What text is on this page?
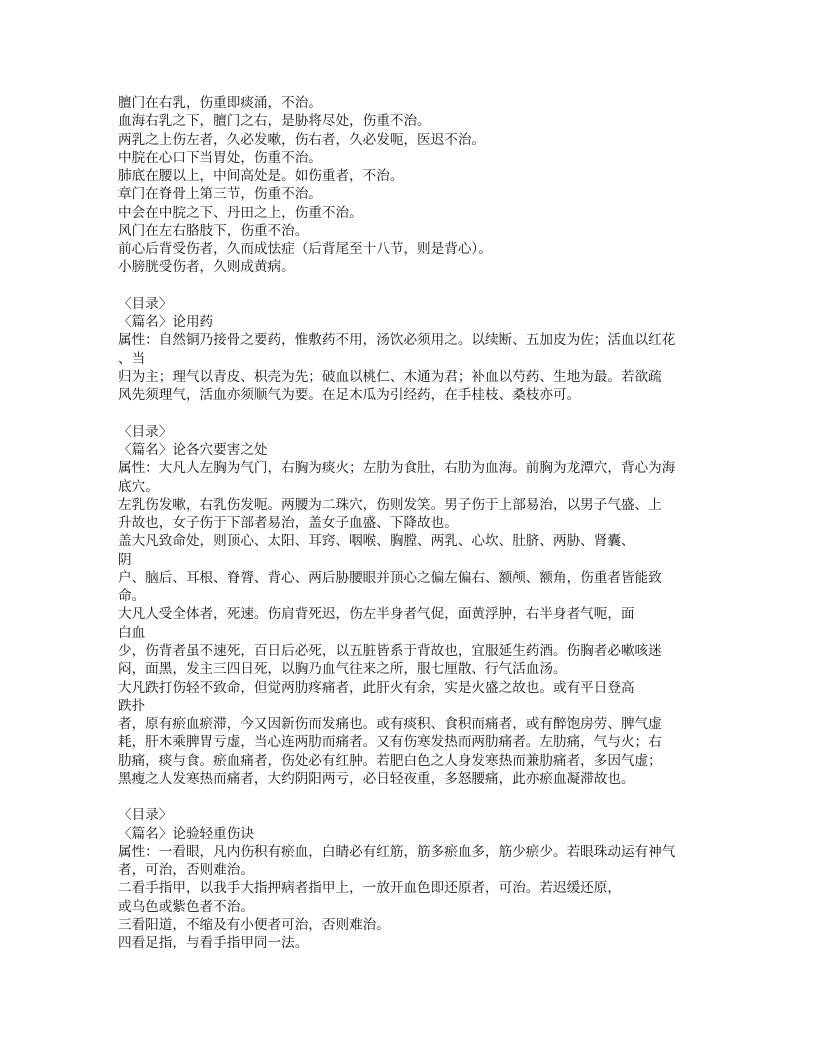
膻门在右乳，伤重即痰涌，不治。
血海右乳之下，膻门之右，是胁将尽处，伤重不治。
两乳之上伤左者，久必发嗽，伤右者，久必发呃，医迟不治。
中脘在心口下当胃处，伤重不治。
肺底在腰以上，中间高处是。如伤重者，不治。
章门在脊骨上第三节，伤重不治。
中会在中脘之下、丹田之上，伤重不治。
风门在左右胳肢下，伤重不治。
前心后背受伤者，久而成怯症（后背尾至十八节，则是背心）。
小膀胱受伤者，久则成黄病。
〈目录〉
〈篇名〉论用药
属性：自然铜乃接骨之要药，惟敷药不用，汤饮必须用之。以续断、五加皮为佐；活血以红花
、当
归为主；理气以青皮、枳壳为先；破血以桃仁、木通为君；补血以芍药、生地为最。若欲疏
风先须理气，活血亦须顺气为要。在足木瓜为引经药，在手桂枝、桑枝亦可。
〈目录〉
〈篇名〉论各穴要害之处
属性：大凡人左胸为气门，右胸为痰火；左肋为食肚，右肋为血海。前胸为龙潭穴，背心为海
底穴。
左乳伤发嗽，右乳伤发呃。两腰为二珠穴，伤则发笑。男子伤于上部易治，以男子气盛、上
升故也，女子伤于下部者易治，盖女子血盛、下降故也。
盖大凡致命处，则顶心、太阳、耳窍、咽喉、胸膛、两乳、心坎、肚脐、两胁、肾囊、
阴
户、脑后、耳根、脊膂、背心、两后胁腰眼并顶心之偏左偏右、额颅、额角，伤重者皆能致
命。
大凡人受全体者，死速。伤肩背死迟，伤左半身者气促，面黄浮肿，右半身者气呃，面
白血
少，伤背者虽不速死，百日后必死，以五脏皆系于背故也，宜服延生药酒。伤胸者必嗽咳迷
闷，面黑，发主三四日死，以胸乃血气往来之所，服七厘散、行气活血汤。
大凡跌打伤轻不致命，但觉两肋疼痛者，此肝火有余，实是火盛之故也。或有平日登高
跌扑
者，原有瘀血瘀滞，今又因新伤而发痛也。或有痰积、食积而痛者，或有醉饱房劳、脾气虚
耗，肝木乘脾胃亏虚，当心连两肋而痛者。又有伤寒发热而两肋痛者。左肋痛，气与火；右
肋痛，痰与食。瘀血痛者，伤处必有红肿。若肥白色之人身发寒热而兼肋痛者，多因气虚；
黑瘦之人发寒热而痛者，大约阴阳两亏，必日轻夜重，多怒腰痛，此亦瘀血凝滞故也。
〈目录〉
〈篇名〉论验轻重伤诀
属性：一看眼，凡内伤积有瘀血，白睛必有红筋，筋多瘀血多，筋少瘀少。若眼珠动运有神气
者，可治，否则难治。
二看手指甲，以我手大指押病者指甲上，一放开血色即还原者，可治。若迟缓还原，
或乌色或紫色者不治。
三看阳道，不缩及有小便者可治，否则难治。
四看足指，与看手指甲同一法。
